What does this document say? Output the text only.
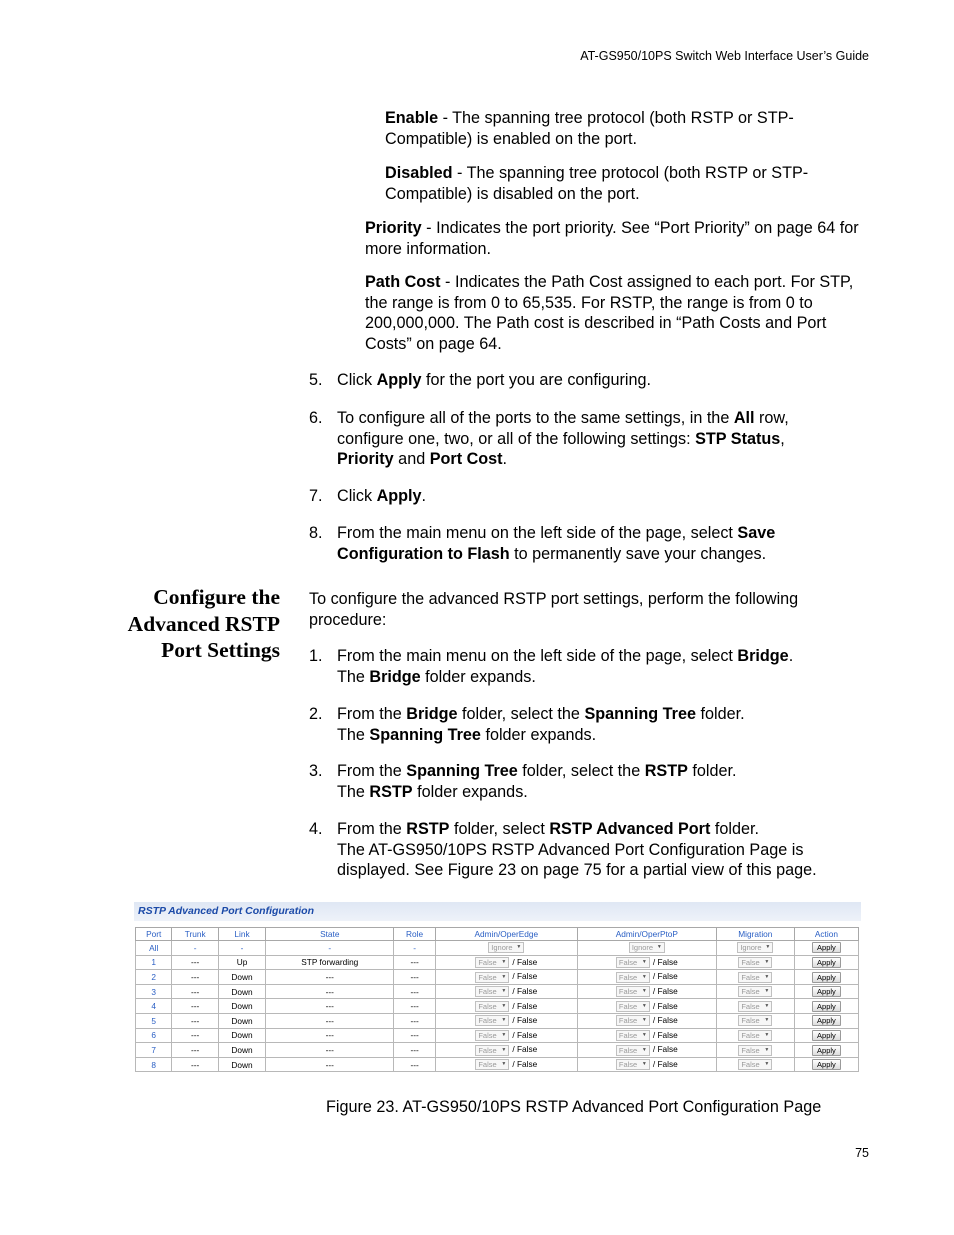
AT-GS950/10PS Switch Web Interface User’s Guide

Enable - The spanning tree protocol (both RSTP or STP-Compatible) is enabled on the port.

Disabled - The spanning tree protocol (both RSTP or STP-Compatible) is disabled on the port.

Priority - Indicates the port priority. See “Port Priority” on page 64 for more information.

Path Cost - Indicates the Path Cost assigned to each port. For STP, the range is from 0 to 65,535. For RSTP, the range is from 0 to 200,000,000. The Path cost is described in “Path Costs and Port Costs” on page 64.

5. Click Apply for the port you are configuring.

6. To configure all of the ports to the same settings, in the All row, configure one, two, or all of the following settings: STP Status, Priority and Port Cost.

7. Click Apply.

8. From the main menu on the left side of the page, select Save Configuration to Flash to permanently save your changes.

Configure the
Advanced RSTP
Port Settings

To configure the advanced RSTP port settings, perform the following procedure:

1. From the main menu on the left side of the page, select Bridge.

The Bridge folder expands.

2. From the Bridge folder, select the Spanning Tree folder.

The Spanning Tree folder expands.

3. From the Spanning Tree folder, select the RSTP folder.

The RSTP folder expands.

4. From the RSTP folder, select RSTP Advanced Port folder.

The AT-GS950/10PS RSTP Advanced Port Configuration Page is displayed. See Figure 23 on page 75 for a partial view of this page.

RSTP Advanced Port Configuration
Port	Trunk	Link	State	Role	Admin/OperEdge	Admin/OperPtoP	Migration	Action
All	-	-	-	-	Ignore ▼	Ignore ▼	Ignore ▼	Apply
1	---	Up	STP forwarding	---	False ▼ / False	False ▼ / False	False ▼	Apply
2	---	Down	---	---	False ▼ / False	False ▼ / False	False ▼	Apply
3	---	Down	---	---	False ▼ / False	False ▼ / False	False ▼	Apply
4	---	Down	---	---	False ▼ / False	False ▼ / False	False ▼	Apply
5	---	Down	---	---	False ▼ / False	False ▼ / False	False ▼	Apply
6	---	Down	---	---	False ▼ / False	False ▼ / False	False ▼	Apply
7	---	Down	---	---	False ▼ / False	False ▼ / False	False ▼	Apply
8	---	Down	---	---	False ▼ / False	False ▼ / False	False ▼	Apply
Figure 23. AT-GS950/10PS RSTP Advanced Port Configuration Page
75
